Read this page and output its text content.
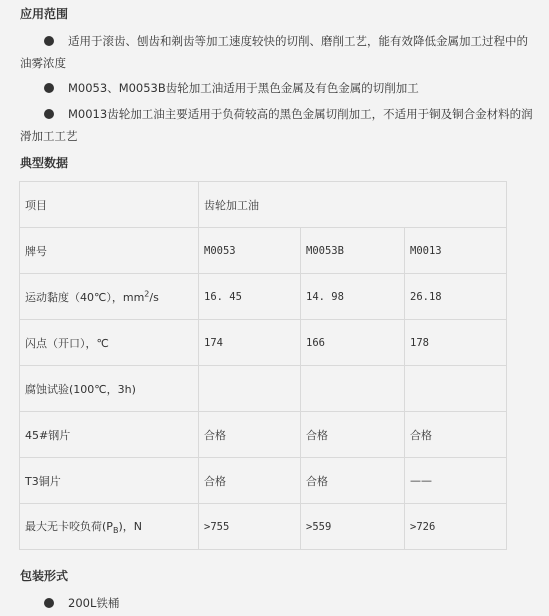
应用范围
适用于滚齿、刨齿和剃齿等加工速度较快的切削、磨削工艺，能有效降低金属加工过程中的油雾浓度
M0053、M0053B齿轮加工油适用于黑色金属及有色金属的切削加工
M0013齿轮加工油主要适用于负荷较高的黑色金属切削加工，不适用于铜及铜合金材料的润滑加工工艺
典型数据
项目	齿轮加工油		
牌号	M0053	M0053B	M0013
运动黏度（40℃），$mm^2/s$	16. 45	14. 98	26.18
闪点（开口），℃	174	166	178
腐蚀试验(100℃，3h)			
45#钢片	合格	合格	合格
T3铜片	合格	合格	——
最大无卡咬负荷$(P_B)$，N	>755	>559	>726
包装形式
200L铁桶
